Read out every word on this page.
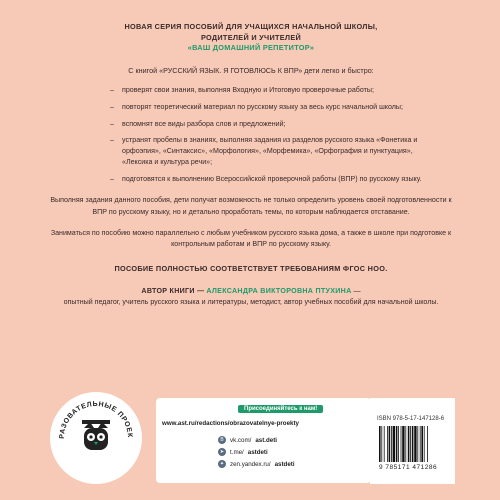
НОВАЯ СЕРИЯ ПОСОБИЙ ДЛЯ УЧАЩИХСЯ НАЧАЛЬНОЙ ШКОЛЫ,
РОДИТЕЛЕЙ И УЧИТЕЛЕЙ
«ВАШ ДОМАШНИЙ РЕПЕТИТОР»
С книгой «РУССКИЙ ЯЗЫК. Я ГОТОВЛЮСЬ К ВПР» дети легко и быстро:
– проверят свои знания, выполняя Входную и Итоговую проверочные работы;
– повторят теоретический материал по русскому языку за весь курс начальной школы;
– вспомнят все виды разбора слов и предложений;
– устранят пробелы в знаниях, выполняя задания из разделов русского языка «Фонетика и орфоэпия», «Синтаксис», «Морфология», «Морфемика», «Орфография и пунктуация», «Лексика и культура речи»;
– подготовятся к выполнению Всероссийской проверочной работы (ВПР) по русскому языку.
Выполняя задания данного пособия, дети получат возможность не только определить уровень своей подготовленности к ВПР по русскому языку, но и детально проработать темы, по которым наблюдается отставание.
Заниматься по пособию можно параллельно с любым учебником русского языка дома, а также в школе при подготовке к контрольным работам и ВПР по русскому языку.
ПОСОБИЕ ПОЛНОСТЬЮ СООТВЕТСТВУЕТ ТРЕБОВАНИЯМ ФГОС НОО.
АВТОР КНИГИ — АЛЕКСАНДРА ВИКТОРОВНА ПТУХИНА —
опытный педагог, учитель русского языка и литературы, методист, автор учебных пособий для начальной школы.
РАЗОВАТЕЛЬНЫЕ ПРОЕК
Присоединяйтесь к нам!
www.ast.ru/redactions/obrazovatelnye-proekty
В	vk.com/ ast.deti
➤ t.me/ astdeti
✦ zen.yandex.ru/ astdeti
ISBN 978-5-17-147128-6
9 785171 471286
